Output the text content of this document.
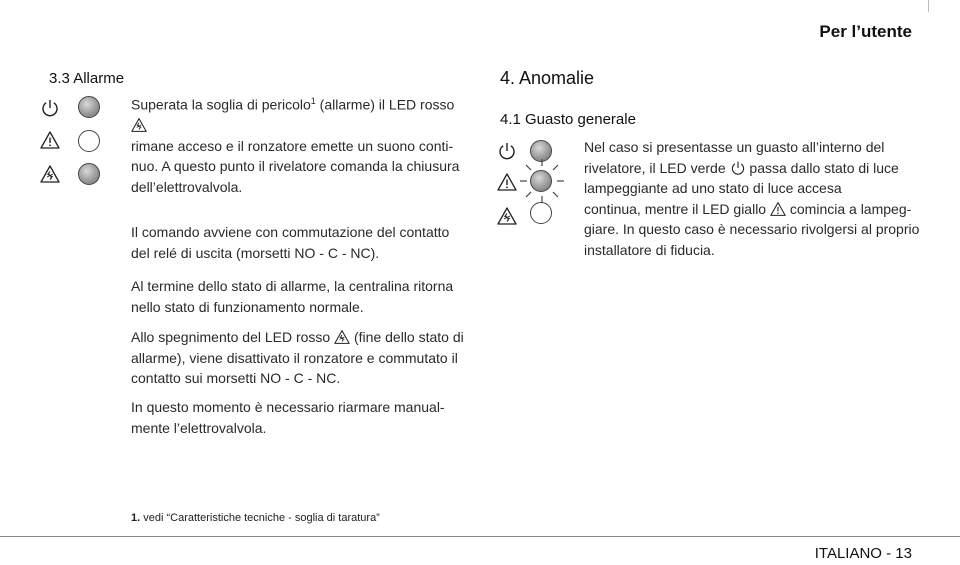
Per l’utente
3.3 Allarme
Superata la soglia di pericolo$^1$ (allarme) il LED rosso
rimane acceso e il ronzatore emette un suono conti-
nuo. A questo punto il rivelatore comanda la chiusura
dell’elettrovalvola.
Il comando avviene con commutazione del contatto
del relé di uscita (morsetti NO - C - NC).
Al termine dello stato di allarme, la centralina ritorna
nello stato di funzionamento normale.
Allo spegnimento del LED rosso  (fine dello stato di
allarme), viene disattivato il ronzatore e commutato il
contatto sui morsetti NO - C - NC.
In questo momento è necessario riarmare manual-
mente l’elettrovalvola.
4. Anomalie
4.1 Guasto generale
Nel caso si presentasse un guasto all’interno del
rivelatore, il LED verde  passa dallo stato di luce
lampeggiante ad uno stato di luce accesa
continua, mentre il LED giallo  comincia a lampeg-
giare. In questo caso è necessario rivolgersi al proprio
installatore di fiducia.
1. vedi “Caratteristiche tecniche - soglia di taratura”
ITALIANO - 13
